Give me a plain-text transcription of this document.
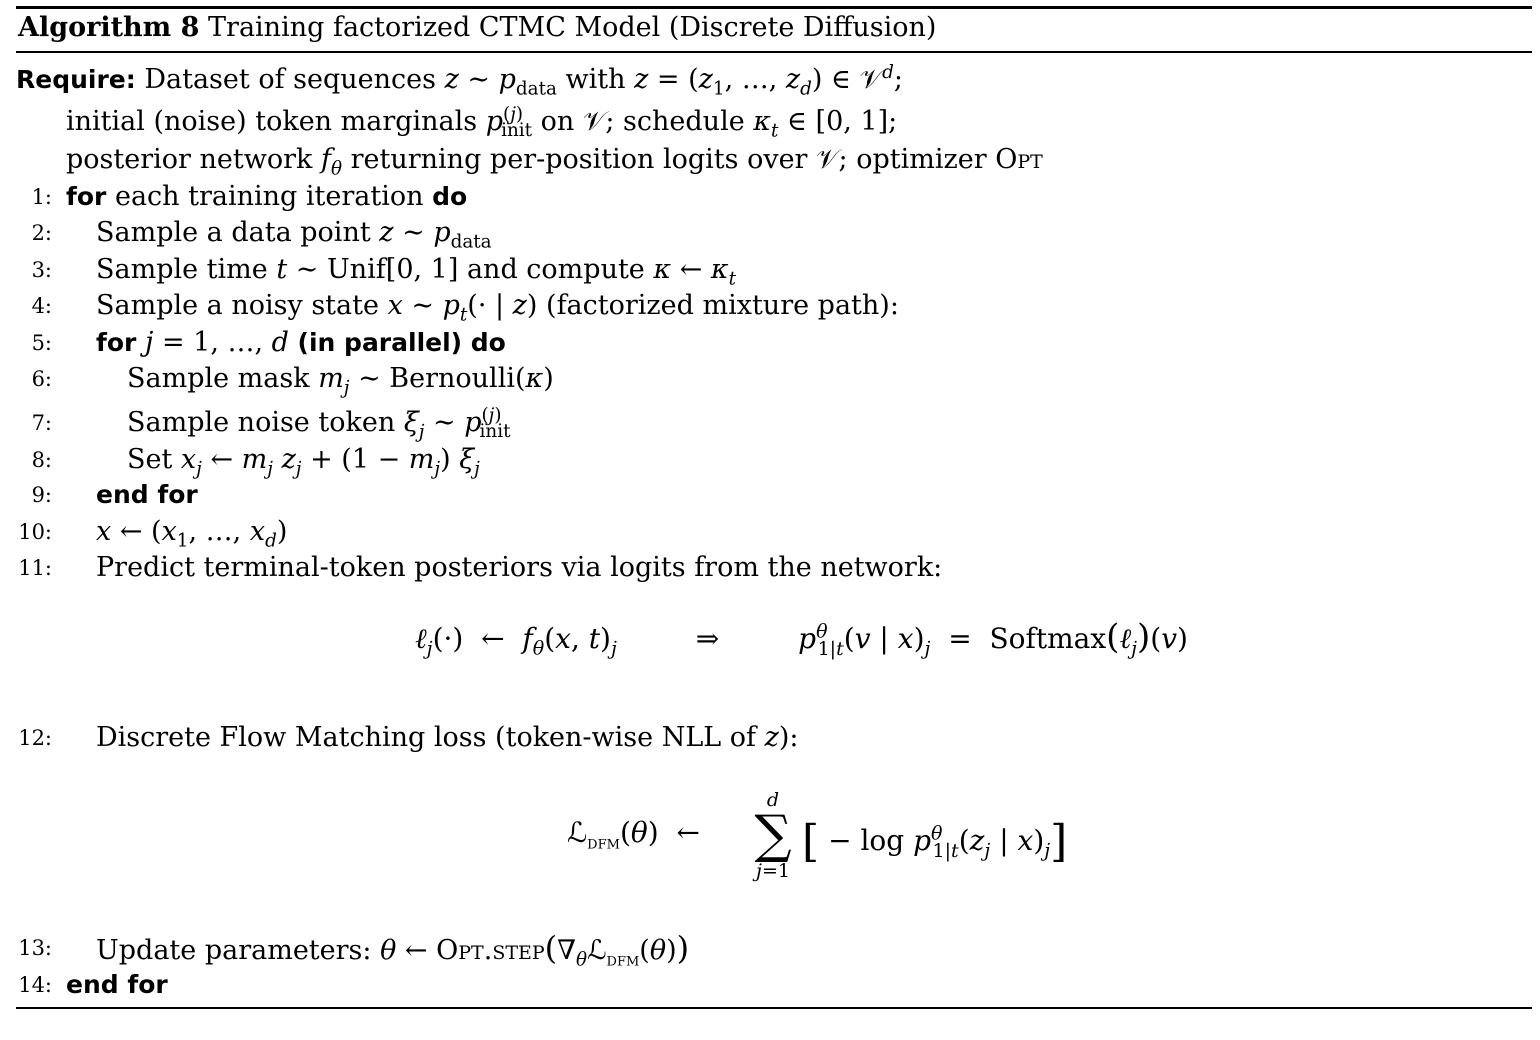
Algorithm 8 Training factorized CTMC Model (Discrete Diffusion)
Require: Dataset of sequences z ∼ $p_{data}$ with $z = (z_1$, …, $z_d$) ∈ 𝒱$^d$;
initial (noise) token marginals $p^{(j)}_{init}$ on 𝒱; schedule $\kappa_t$ ∈ [0, 1];
posterior network $f_\theta$ returning per-position logits over 𝒱; optimizer Opt
1: for each training iteration do
2: Sample a data point z ∼ $p_{data}$
3: Sample time t ∼ Unif[0, 1] and compute κ ← $\kappa_t$
4: Sample a noisy state x ∼ $p_t(\cdot$ | z) (factorized mixture path):
5: for j = 1, …, d (in parallel) do
6:	Sample mask $m_j$ ∼ Bernoulli(κ)
7:	Sample noise token $\xi_j$ ∼ $p^{(j)}_{init}$
8:	Set $x_j$ ← $m_j$ $z_j + (1 - m_j)$ $\xi_j$
9: end for
10: x ← ($x_1$, …, $x_d$)
11: Predict terminal-token posteriors via logits from the network:
ℓ$_j$(·)  ←  $f_\theta(x$, $t)_j$	⇒	$p^\theta_{1|t}(v$ | $x)_j$  =  Softmax(ℓ$_j$)(v)
12: Discrete Flow Matching loss (token-wise NLL of z):
ℒ$_{dfm}$(θ)  ←
d
∑
j=1
[ − $\log p^\theta_{1|t}(z_j$ | $x)_j$]
13: Update parameters: θ ← $Opt.step(\nabla_\theta ℒ_{dfm}(\theta))$
14: end for
